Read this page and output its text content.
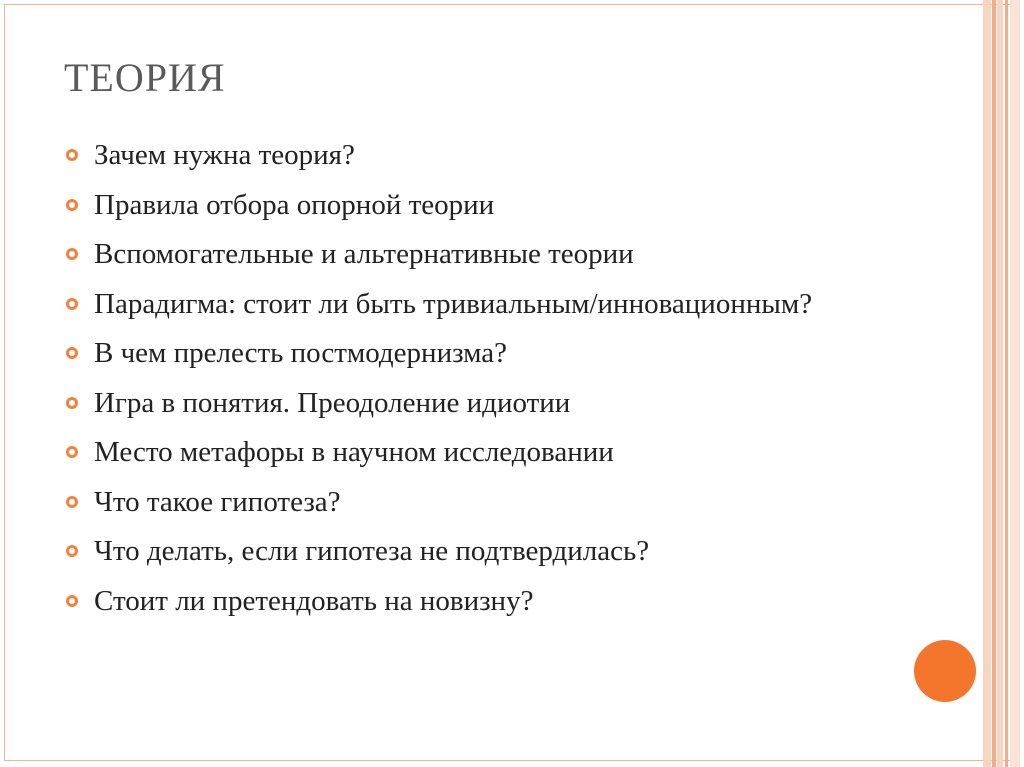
ТЕОРИЯ
Зачем нужна теория?
Правила отбора опорной теории
Вспомогательные и альтернативные теории
Парадигма: стоит ли быть тривиальным/инновационным?
В чем прелесть постмодернизма?
Игра в понятия. Преодоление идиотии
Место метафоры в научном исследовании
Что такое гипотеза?
Что делать, если гипотеза не подтвердилась?
Стоит ли претендовать на новизну?
